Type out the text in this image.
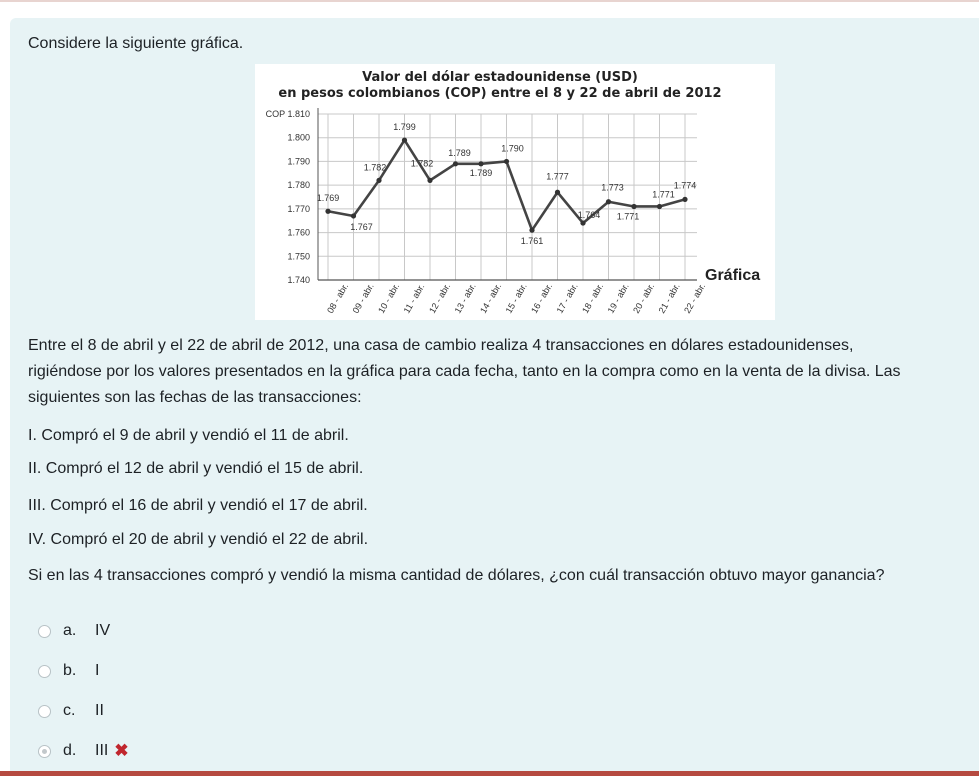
Considere la siguiente gráfica.
Valor del dólar estadounidense (USD)
en pesos colombianos (COP) entre el 8 y 22 de abril de 2012
1.740
1.750
1.760
1.770
1.780
1.790
1.800
COP 1.810
08 - abr. 09 - abr. 10 - abr. 11 - abr. 12 - abr. 13 - abr. 14 - abr. 15 - abr. 16 - abr. 17 - abr. 18 - abr. 19 - abr. 20 - abr. 21 - abr. 22 - abr.
1.769
1.767
1.782
1.799
1.782
1.789
1.789
1.790
1.761
1.777
1.764
1.773
1.771
1.771
1.774
Gráfica
Entre el 8 de abril y el 22 de abril de 2012, una casa de cambio realiza 4 transacciones en dólares estadounidenses,
rigiéndose por los valores presentados en la gráfica para cada fecha, tanto en la compra como en la venta de la divisa. Las
siguientes son las fechas de las transacciones:
I. Compró el 9 de abril y vendió el 11 de abril.
II. Compró el 12 de abril y vendió el 15 de abril.
III. Compró el 16 de abril y vendió el 17 de abril.
IV. Compró el 20 de abril y vendió el 22 de abril.
Si en las 4 transacciones compró y vendió la misma cantidad de dólares, ¿con cuál transacción obtuvo mayor ganancia?
a.	IV
b.	I
c.	II
d.	III ✖
